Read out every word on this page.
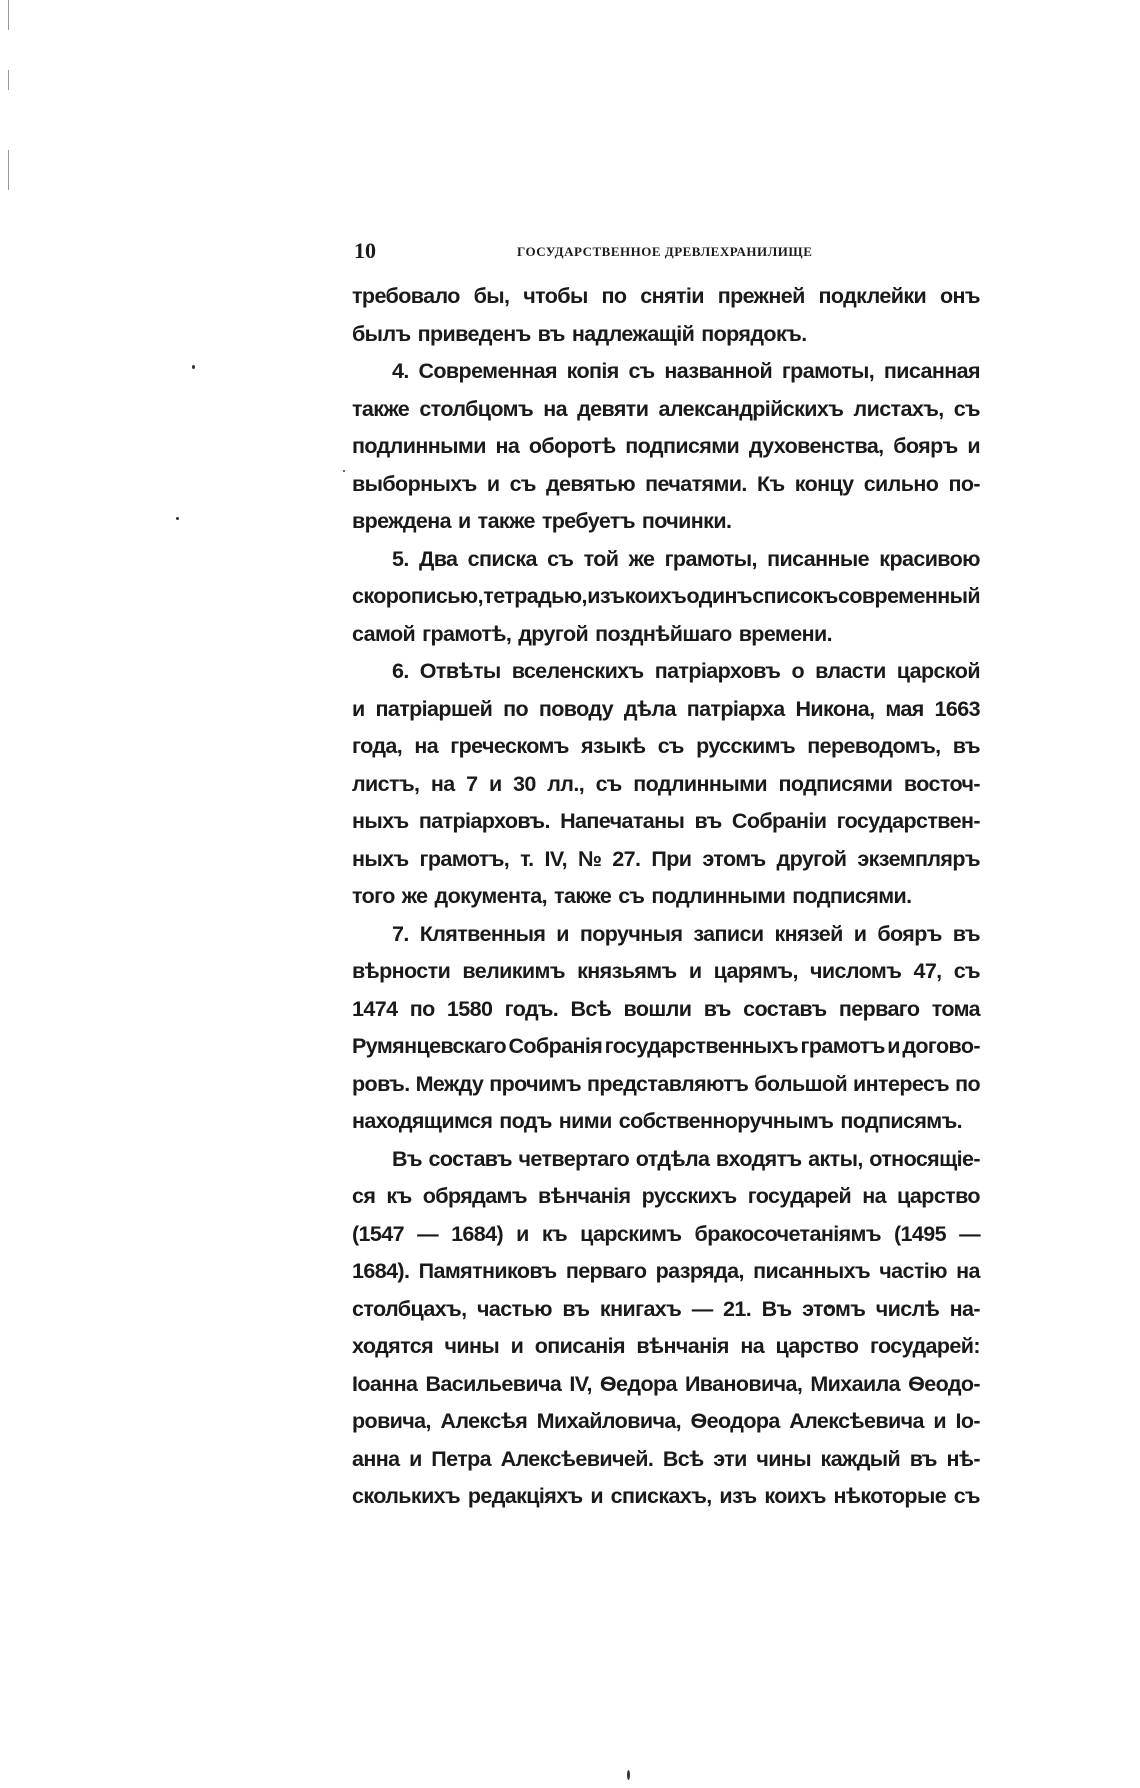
10	ГОСУДАРСТВЕННОЕ ДРЕВЛЕХРАНИЛИЩЕ
требовало бы, чтобы по снятіи прежней подклейки онъ
былъ приведенъ въ надлежащій порядокъ.
4. Современная копія съ названной грамоты, писанная
также столбцомъ на девяти александрійскихъ листахъ, съ
подлинными на оборотѣ подписями духовенства, бояръ и
выборныхъ и съ девятью печатями. Къ концу сильно по-
вреждена и также требуетъ починки.
5. Два списка съ той же грамоты, писанные красивою
скорописью, тетрадью, изъ коихъ одинъ списокъ современный
самой грамотѣ, другой позднѣйшаго времени.
6. Отвѣты вселенскихъ патріарховъ о власти царской
и патріаршей по поводу дѣла патріарха Никона, мая 1663
года, на греческомъ языкѣ съ русскимъ переводомъ, въ
листъ, на 7 и 30 лл., съ подлинными подписями восточ-
ныхъ патріарховъ. Напечатаны въ Собраніи государствен-
ныхъ грамотъ, т. IV, № 27. При этомъ другой экземпляръ
того же документа, также съ подлинными подписями.
7. Клятвенныя и поручныя записи князей и бояръ въ
вѣрности великимъ князьямъ и царямъ, числомъ 47, съ
1474 по 1580 годъ. Всѣ вошли въ составъ перваго тома
Румянцевскаго Собранія государственныхъ грамотъ и догово-
ровъ. Между прочимъ представляютъ большой интересъ по
находящимся подъ ними собственноручнымъ подписямъ.
Въ составъ четвертаго отдѣла входятъ акты, относящіе-
ся къ обрядамъ вѣнчанія русскихъ государей на царство
(1547 — 1684) и къ царскимъ бракосочетаніямъ (1495 —
1684). Памятниковъ перваго разряда, писанныхъ частію на
столбцахъ, частью въ книгахъ — 21. Въ этомъ числѣ на-
ходятся чины и описанія вѣнчанія на царство государей:
Іоанна Васильевича IV, Ѳедора Ивановича, Михаила Ѳеодо-
ровича, Алексѣя Михайловича, Ѳеодора Алексѣевича и Іо-
анна и Петра Алексѣевичей. Всѣ эти чины каждый въ нѣ-
сколькихъ редакціяхъ и спискахъ, изъ коихъ нѣкоторые съ
